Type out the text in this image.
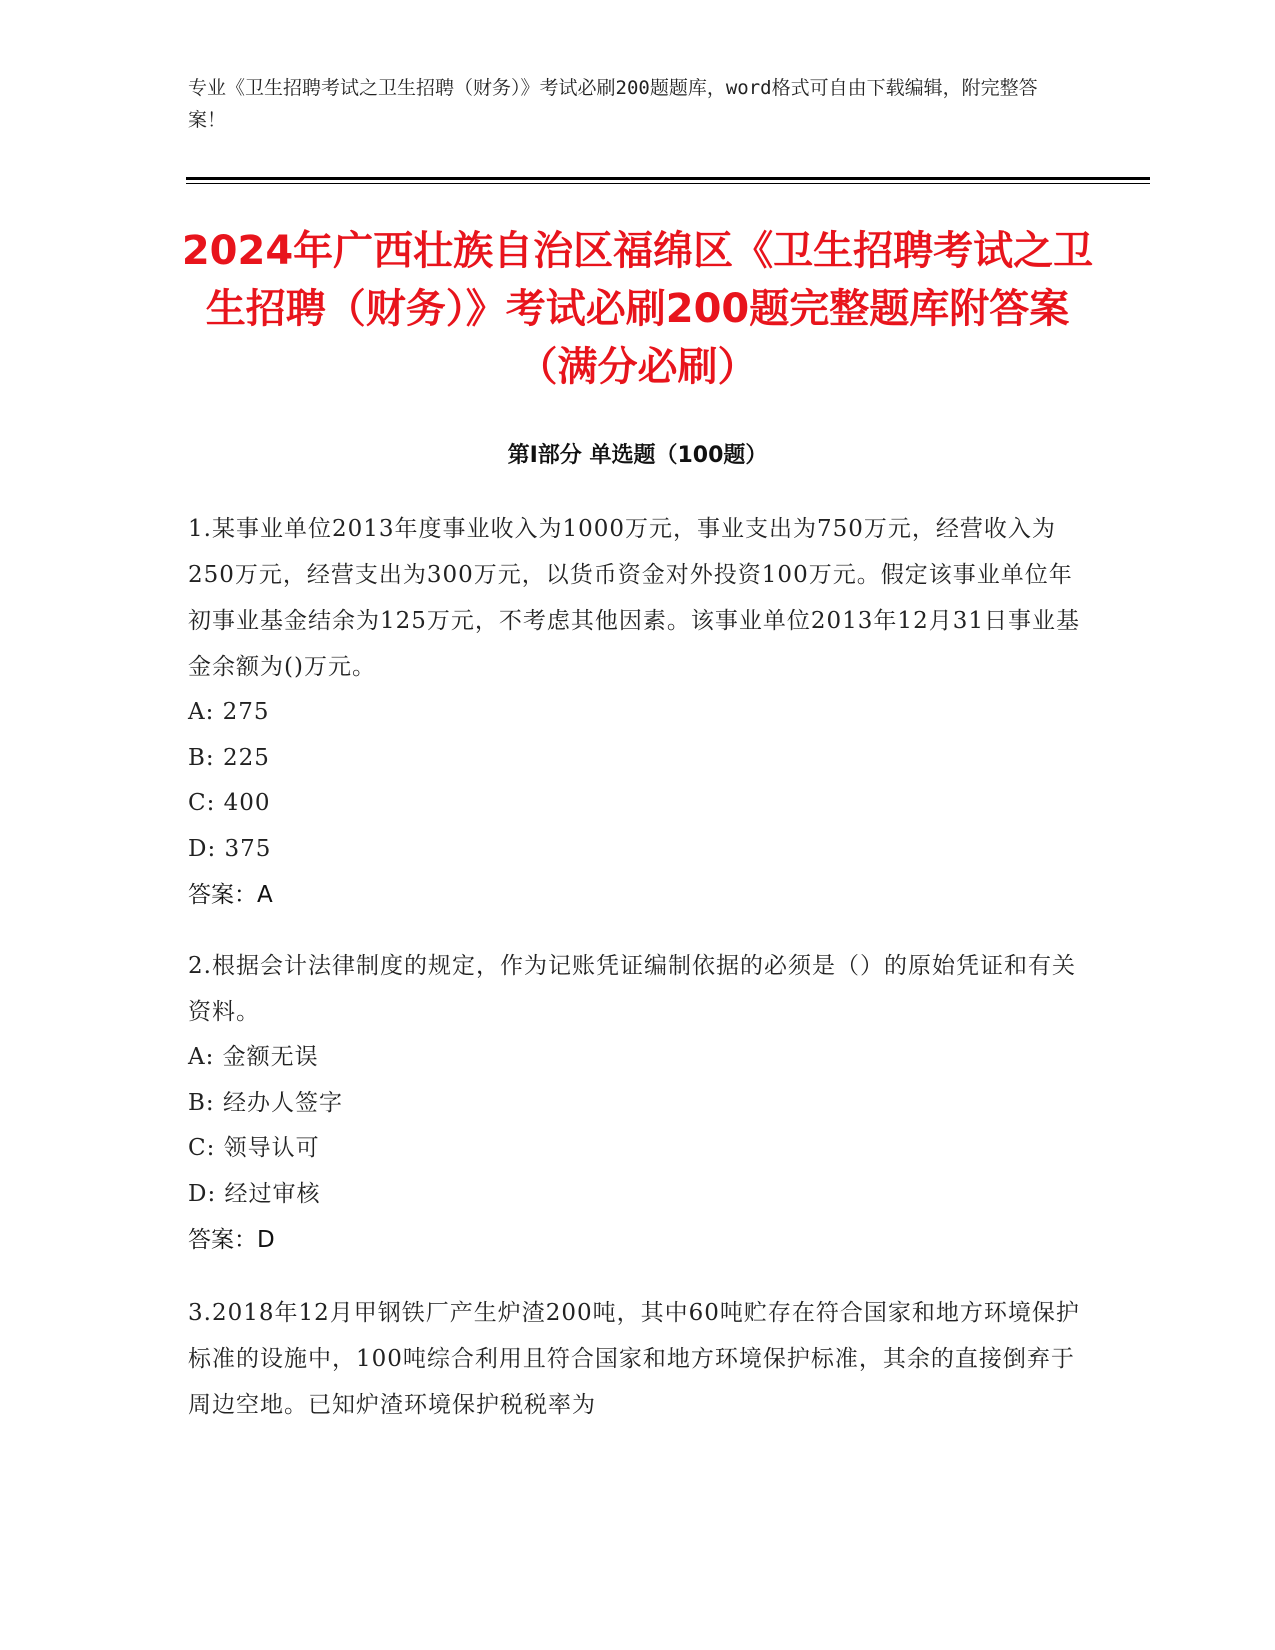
专业《卫生招聘考试之卫生招聘（财务）》考试必刷200题题库，word格式可自由下载编辑，附完整答案！
2024年广西壮族自治区福绵区《卫生招聘考试之卫生招聘（财务）》考试必刷200题完整题库附答案（满分必刷）
第I部分 单选题（100题）

1.某事业单位2013年度事业收入为1000万元，事业支出为750万元，经营收入为250万元，经营支出为300万元，以货币资金对外投资100万元。假定该事业单位年初事业基金结余为125万元，不考虑其他因素。该事业单位2013年12月31日事业基金余额为()万元。

A: 275
B: 225
C: 400
D: 375
答案：A

2.根据会计法律制度的规定，作为记账凭证编制依据的必须是（）的原始凭证和有关资料。

A: 金额无误
B: 经办人签字
C: 领导认可
D: 经过审核
答案：D

3.2018年12月甲钢铁厂产生炉渣200吨，其中60吨贮存在符合国家和地方环境保护标准的设施中，100吨综合利用且符合国家和地方环境保护标准，其余的直接倒弃于周边空地。已知炉渣环境保护税税率为
